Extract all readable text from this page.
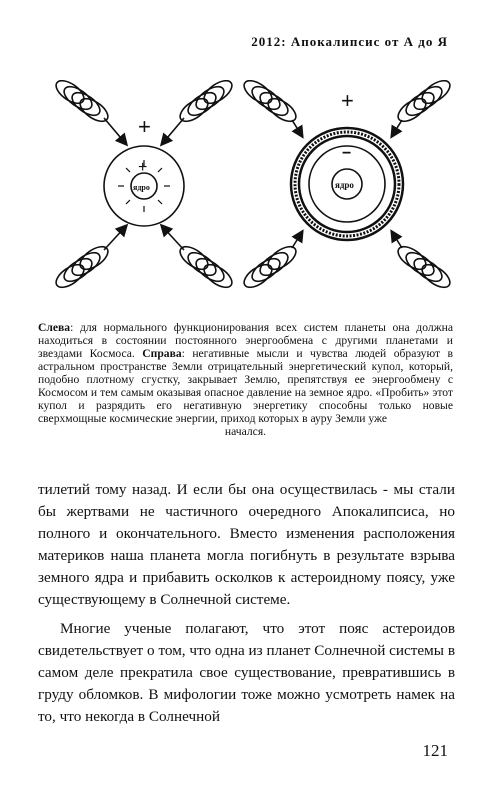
2012: Апокалипсис от А до Я
+
+
ядро
+
−
ядро
Слева: для нормального функционирования всех систем планеты она должна находиться в состоянии постоянного энергообмена с другими планетами и звездами Космоса. Справа: негативные мысли и чувства людей образуют в астральном пространстве Земли отрицательный энергетический купол, который, подобно плотному сгустку, закрывает Землю, препятствуя ее энергообмену с Космосом и тем самым оказывая опасное давление на земное ядро. «Пробить» этот купол и разрядить его негативную энергетику способны только новые сверхмощные космические энергии, приход которых в ауру Земли уже
начался.

тилетий тому назад. И если бы она осуществилась - мы стали бы жертвами не частичного очередного Апокалипсиса, но полного и окончательного. Вместо изменения расположения материков наша планета могла погибнуть в результате взрыва земного ядра и прибавить осколков к астероидному поясу, уже существующему в Солнечной системе.

Многие ученые полагают, что этот пояс астероидов свидетельствует о том, что одна из планет Солнечной системы в самом деле прекратила свое существование, превратившись в груду обломков. В мифологии тоже можно усмотреть намек на то, что некогда в Солнечной

121
